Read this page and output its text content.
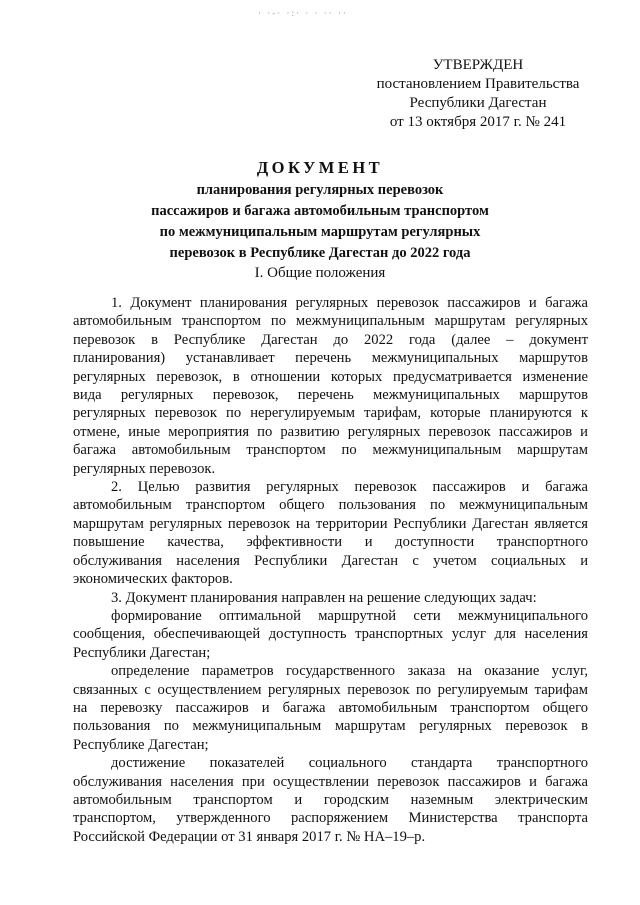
· ·‑· ·:· · · ·· ··
УТВЕРЖДЕН
постановлением Правительства
Республики Дагестан
от 13 октября 2017 г. № 241
ДОКУМЕНТ
планирования регулярных перевозок
пассажиров и багажа автомобильным транспортом
по межмуниципальным маршрутам регулярных
перевозок в Республике Дагестан до 2022 года
I. Общие положения
1. Документ планирования регулярных перевозок пассажиров и багажа
автомобильным транспортом по межмуниципальным маршрутам регулярных
перевозок в Республике Дагестан до 2022 года (далее – документ
планирования) устанавливает перечень межмуниципальных маршрутов
регулярных перевозок, в отношении которых предусматривается изменение
вида регулярных перевозок, перечень межмуниципальных маршрутов
регулярных перевозок по нерегулируемым тарифам, которые планируются к
отмене, иные мероприятия по развитию регулярных перевозок пассажиров и
багажа автомобильным транспортом по межмуниципальным маршрутам
регулярных перевозок.
2. Целью развития регулярных перевозок пассажиров и багажа
автомобильным транспортом общего пользования по межмуниципальным
маршрутам регулярных перевозок на территории Республики Дагестан является
повышение качества, эффективности и доступности транспортного
обслуживания населения Республики Дагестан с учетом социальных и
экономических факторов.
3. Документ планирования направлен на решение следующих задач:
формирование оптимальной маршрутной сети межмуниципального
сообщения, обеспечивающей доступность транспортных услуг для населения
Республики Дагестан;
определение параметров государственного заказа на оказание услуг,
связанных с осуществлением регулярных перевозок по регулируемым тарифам
на перевозку пассажиров и багажа автомобильным транспортом общего
пользования по межмуниципальным маршрутам регулярных перевозок в
Республике Дагестан;
достижение показателей социального стандарта транспортного
обслуживания населения при осуществлении перевозок пассажиров и багажа
автомобильным транспортом и городским наземным электрическим
транспортом, утвержденного распоряжением Министерства транспорта
Российской Федерации от 31 января 2017 г. № НА–19–р.
